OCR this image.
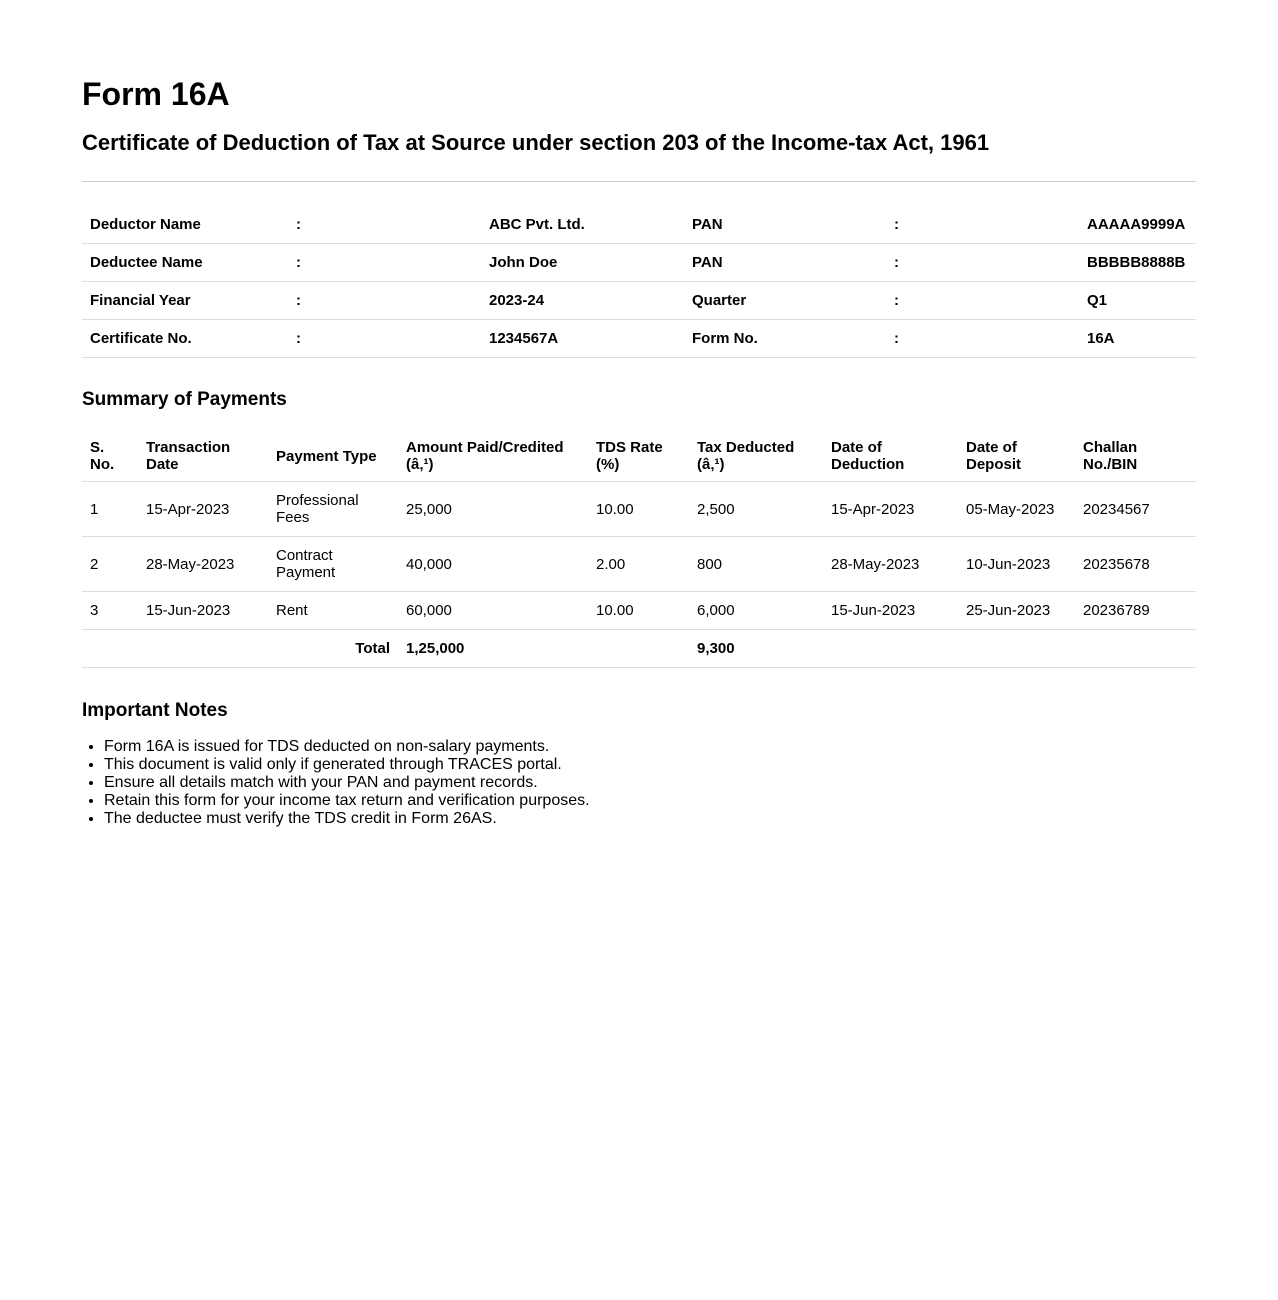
Form 16A
Certificate of Deduction of Tax at Source under section 203 of the Income-tax Act, 1961
Deductor Name	:	ABC Pvt. Ltd.	PAN	:	AAAAA9999A
Deductee Name	:	John Doe	PAN	:	BBBBB8888B
Financial Year	:	2023-24	Quarter	:	Q1
Certificate No.	:	1234567A	Form No.	:	16A
Summary of Payments
S. No.	Transaction Date	Payment Type	Amount Paid/Credited (â‚¹)	TDS Rate (%)	Tax Deducted (â‚¹)	Date of Deduction	Date of Deposit	Challan No./BIN
1	15-Apr-2023	Professional Fees	25,000	10.00	2,500	15-Apr-2023	05-May-2023	20234567
2	28-May-2023	Contract Payment	40,000	2.00	800	28-May-2023	10-Jun-2023	20235678
3	15-Jun-2023	Rent	60,000	10.00	6,000	15-Jun-2023	25-Jun-2023	20236789
Total			1,25,000		9,300			
Important Notes
• Form 16A is issued for TDS deducted on non-salary payments.
• This document is valid only if generated through TRACES portal.
• Ensure all details match with your PAN and payment records.
• Retain this form for your income tax return and verification purposes.
• The deductee must verify the TDS credit in Form 26AS.
